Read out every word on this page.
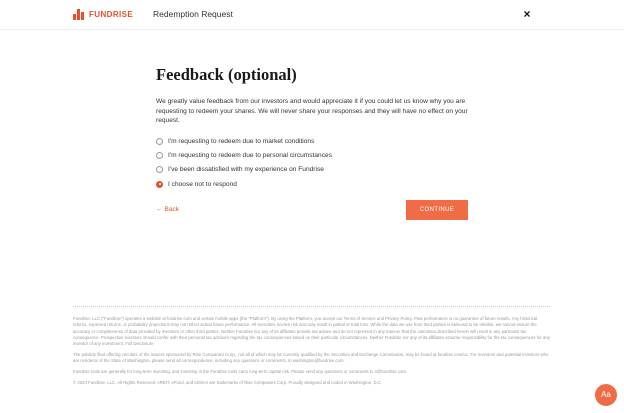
FUNDRISE Redemption Request	×
Feedback (optional)

We greatly value feedback from our investors and would appreciate it if you could let us know why you are requesting to redeem your shares. We will never share your responses and they will have no effect on your request.

I'm requesting to redeem due to market conditions
I'm requesting to redeem due to personal circumstances
I've been dissatisfied with my experience on Fundrise
I choose not to respond
← Back	CONTINUE

Fundrise, LLC ("Fundrise") operates a website at fundrise.com and certain mobile apps (the "Platform"). By using the Platform, you accept our Terms of Service and Privacy Policy. Past performance is no guarantee of future results. Any historical returns, expected returns, or probability projections may not reflect actual future performance. All securities involve risk and may result in partial or total loss. While the data we use from third parties is believed to be reliable, we cannot ensure the accuracy or completeness of data provided by investors or other third parties. Neither Fundrise nor any of its affiliates provide tax advice and do not represent in any manner that the outcomes described herein will result in any particular tax consequence. Prospective investors should confer with their personal tax advisors regarding the tax consequences based on their particular circumstances. Neither Fundrise nor any of its affiliates assume responsibility for the tax consequences for any investor of any investment. Full Disclosure

The publicly filed offering circulars of the issuers sponsored by Rise Companies Corp., not all of which may be currently qualified by the Securities and Exchange Commission, may be found at fundrise.com/oc. For investors and potential investors who are residents of the State of Washington, please send all correspondence, including any questions or comments, to washington@fundrise.com.

Fundrise tools are generally for long-term investing, and investing in the Fundrise tools carry long-term capital risk. Please send any questions or comments to ir@fundrise.com.

© 2024 Fundrise, LLC. All Rights Reserved. eREIT, eFund, and eDirect are trademarks of Rise Companies Corp. Proudly designed and coded in Washington, D.C.

Aa
